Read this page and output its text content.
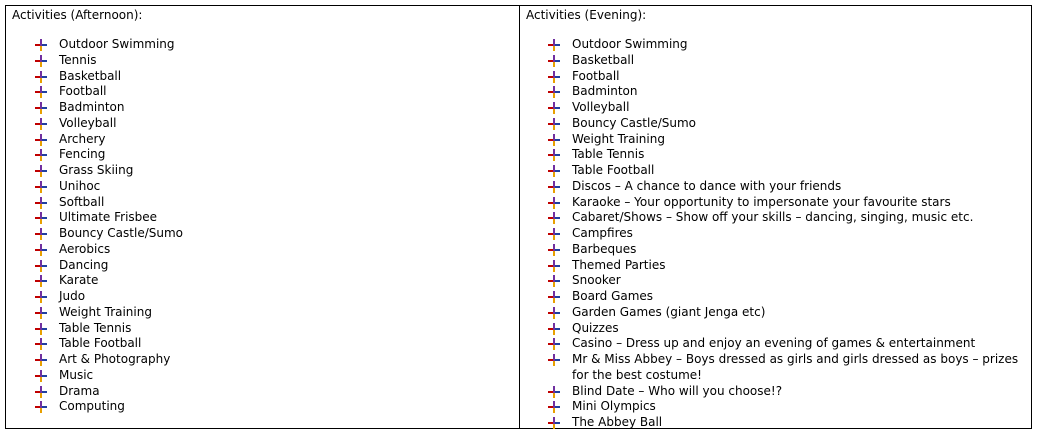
Activities (Afternoon):
Outdoor Swimming
Tennis
Basketball
Football
Badminton
Volleyball
Archery
Fencing
Grass Skiing
Unihoc
Softball
Ultimate Frisbee
Bouncy Castle/Sumo
Aerobics
Dancing
Karate
Judo
Weight Training
Table Tennis
Table Football
Art & Photography
Music
Drama
Computing
Activities (Evening):
Outdoor Swimming
Basketball
Football
Badminton
Volleyball
Bouncy Castle/Sumo
Weight Training
Table Tennis
Table Football
Discos – A chance to dance with your friends
Karaoke – Your opportunity to impersonate your favourite stars
Cabaret/Shows – Show off your skills – dancing, singing, music etc.
Campfires
Barbeques
Themed Parties
Snooker
Board Games
Garden Games (giant Jenga etc)
Quizzes
Casino – Dress up and enjoy an evening of games & entertainment
Mr & Miss Abbey – Boys dressed as girls and girls dressed as boys – prizes for the best costume!
Blind Date – Who will you choose!?
Mini Olympics
The Abbey Ball
